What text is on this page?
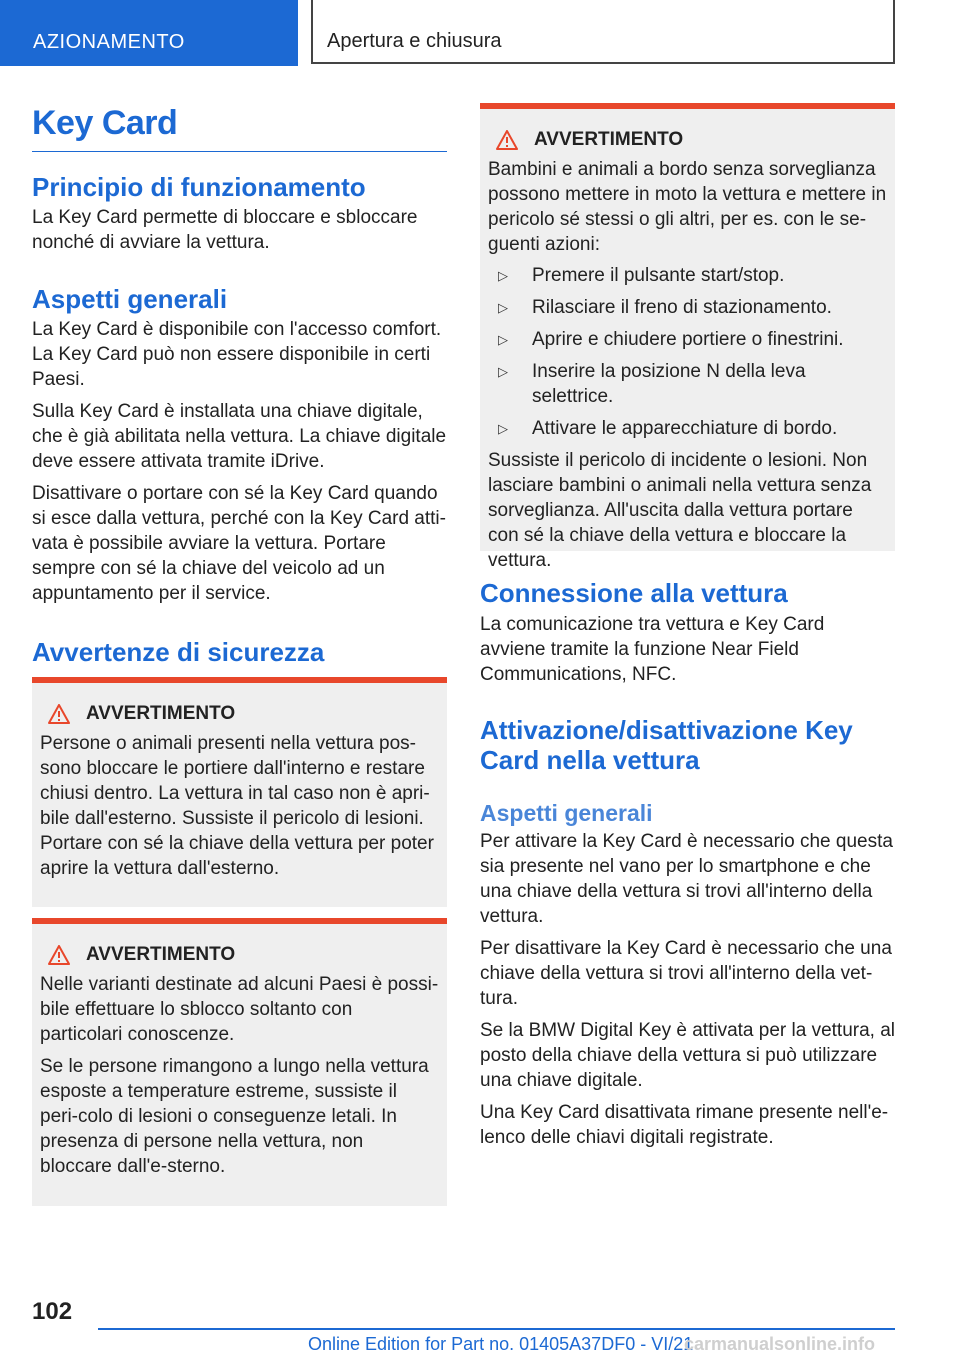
AZIONAMENTO	Apertura e chiusura
Key Card
Principio di funzionamento

La Key Card permette di bloccare e sbloccare nonché di avviare la vettura.

Aspetti generali

La Key Card è disponibile con l'accesso comfort. La Key Card può non essere disponibile in certi Paesi.

Sulla Key Card è installata una chiave digitale, che è già abilitata nella vettura. La chiave digitale deve essere attivata tramite iDrive.

Disattivare o portare con sé la Key Card quando si esce dalla vettura, perché con la Key Card atti-vata è possibile avviare la vettura. Portare sempre con sé la chiave del veicolo ad un appuntamento per il service.

Avvertenze di sicurezza
AVVERTIMENTO

Persone o animali presenti nella vettura pos-sono bloccare le portiere dall'interno e restare chiusi dentro. La vettura in tal caso non è apri-bile dall'esterno. Sussiste il pericolo di lesioni. Portare con sé la chiave della vettura per poter aprire la vettura dall'esterno.

AVVERTIMENTO

Nelle varianti destinate ad alcuni Paesi è possi-bile effettuare lo sblocco soltanto con particolari conoscenze.

Se le persone rimangono a lungo nella vettura esposte a temperature estreme, sussiste il peri-colo di lesioni o conseguenze letali. In presenza di persone nella vettura, non bloccare dall'e-sterno.

AVVERTIMENTO

Bambini e animali a bordo senza sorveglianza possono mettere in moto la vettura e mettere in pericolo sé stessi o gli altri, per es. con le se-guenti azioni:

▷ Premere il pulsante start/stop.
▷ Rilasciare il freno di stazionamento.
▷ Aprire e chiudere portiere o finestrini.
▷ Inserire la posizione N della leva selettrice.
▷ Attivare le apparecchiature di bordo.

Sussiste il pericolo di incidente o lesioni. Non lasciare bambini o animali nella vettura senza sorveglianza. All'uscita dalla vettura portare con sé la chiave della vettura e bloccare la vettura.

Connessione alla vettura

La comunicazione tra vettura e Key Card avviene tramite la funzione Near Field Communications, NFC.

Attivazione/disattivazione Key Card nella vettura
Aspetti generali

Per attivare la Key Card è necessario che questa sia presente nel vano per lo smartphone e che una chiave della vettura si trovi all'interno della vettura.

Per disattivare la Key Card è necessario che una chiave della vettura si trovi all'interno della vet-tura.

Se la BMW Digital Key è attivata per la vettura, al posto della chiave della vettura si può utilizzare una chiave digitale.

Una Key Card disattivata rimane presente nell'e-lenco delle chiavi digitali registrate.

102
Online Edition for Part no. 01405A37DF0 - VI/21
carmanualsonline.info
